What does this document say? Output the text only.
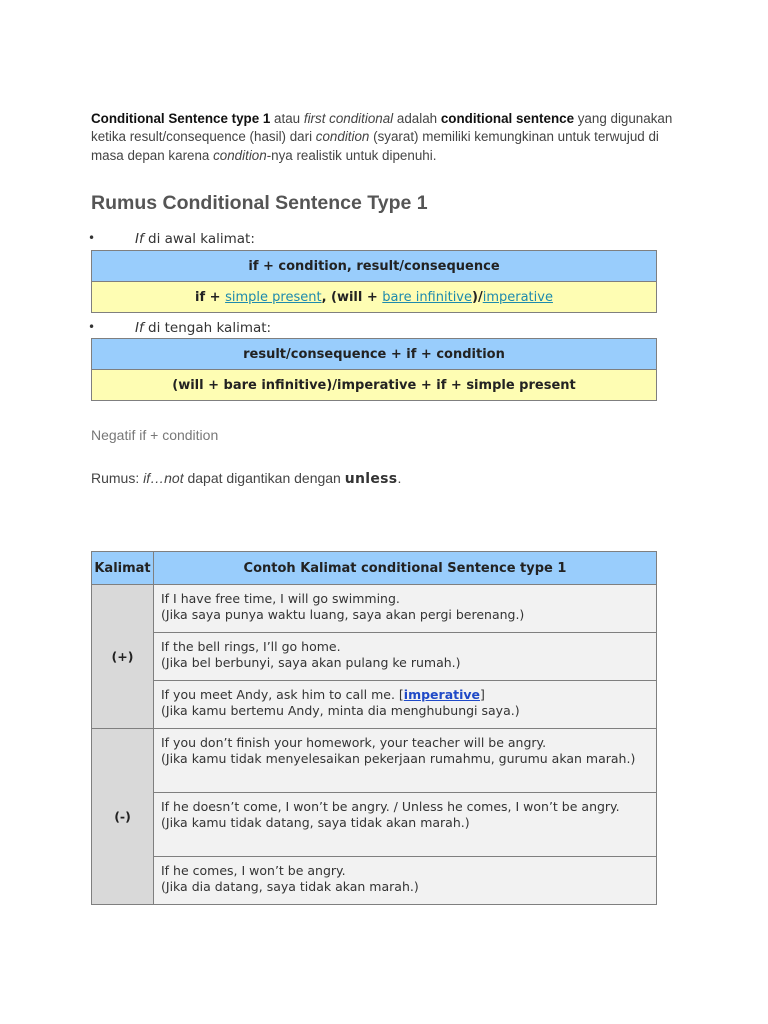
Conditional Sentence type 1 atau first conditional adalah conditional sentence yang digunakan ketika result/consequence (hasil) dari condition (syarat) memiliki kemungkinan untuk terwujud di masa depan karena condition-nya realistik untuk dipenuhi.

Rumus Conditional Sentence Type 1
•	If di awal kalimat:
if + condition, result/consequence
if + simple present, (will + bare infinitive)/imperative
•	If di tengah kalimat:
result/consequence + if + condition
(will + bare infinitive)/imperative + if + simple present
Negatif if + condition
Rumus: if…not dapat digantikan dengan unless.
Kalimat	Contoh Kalimat conditional Sentence type 1
(+)	If I have free time, I will go swimming.
(Jika saya punya waktu luang, saya akan pergi berenang.)
	If the bell rings, I’ll go home.
(Jika bel berbunyi, saya akan pulang ke rumah.)
	If you meet Andy, ask him to call me. [imperative]
(Jika kamu bertemu Andy, minta dia menghubungi saya.)
(-)	If you don’t finish your homework, your teacher will be angry.
(Jika kamu tidak menyelesaikan pekerjaan rumahmu, gurumu akan marah.)
	If he doesn’t come, I won’t be angry. / Unless he comes, I won’t be angry.
(Jika kamu tidak datang, saya tidak akan marah.)
	If he comes, I won’t be angry.
(Jika dia datang, saya tidak akan marah.)
